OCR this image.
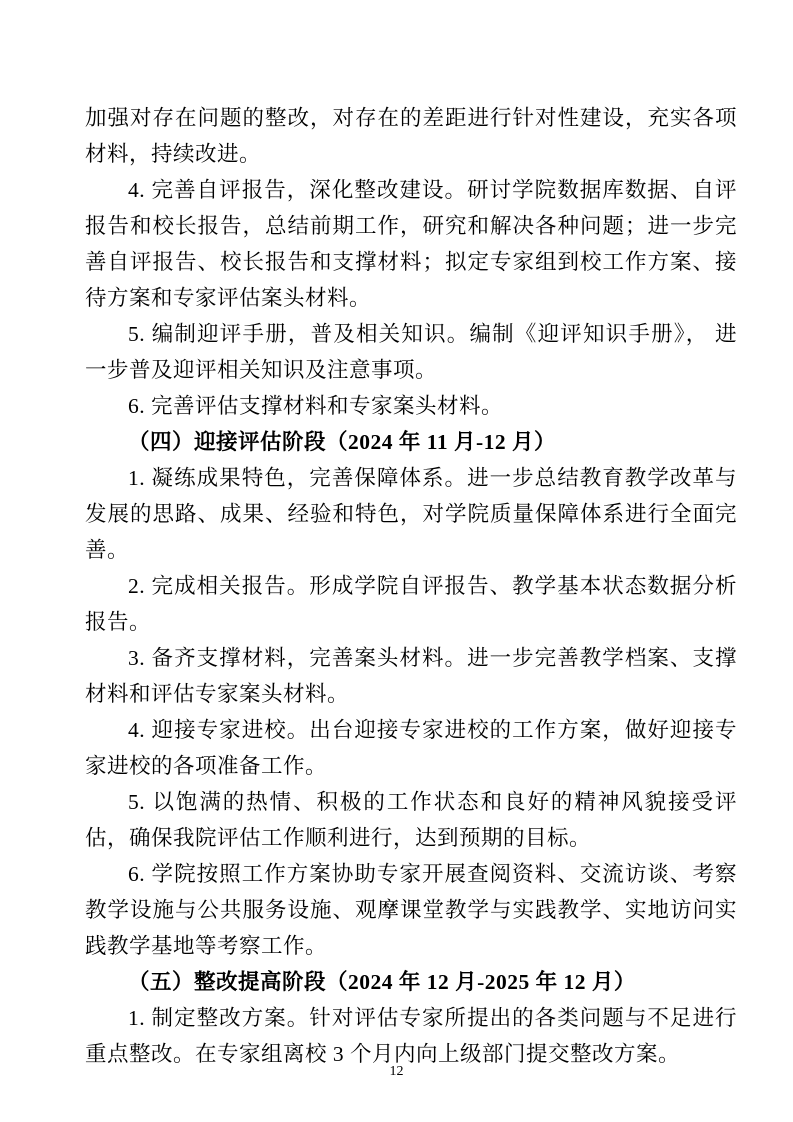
加强对存在问题的整改，对存在的差距进行针对性建设，充实各项材料，持续改进。

4. 完善自评报告，深化整改建设。研讨学院数据库数据、自评报告和校长报告，总结前期工作，研究和解决各种问题；进一步完善自评报告、校长报告和支撑材料；拟定专家组到校工作方案、接待方案和专家评估案头材料。

5. 编制迎评手册，普及相关知识。编制《迎评知识手册》， 进一步普及迎评相关知识及注意事项。

6. 完善评估支撑材料和专家案头材料。

（四）迎接评估阶段（2024 年 11 月-12 月）

1. 凝练成果特色，完善保障体系。进一步总结教育教学改革与发展的思路、成果、经验和特色，对学院质量保障体系进行全面完善。

2. 完成相关报告。形成学院自评报告、教学基本状态数据分析报告。

3. 备齐支撑材料，完善案头材料。进一步完善教学档案、支撑材料和评估专家案头材料。

4. 迎接专家进校。出台迎接专家进校的工作方案，做好迎接专家进校的各项准备工作。

5. 以饱满的热情、积极的工作状态和良好的精神风貌接受评估，确保我院评估工作顺利进行，达到预期的目标。

6. 学院按照工作方案协助专家开展查阅资料、交流访谈、考察教学设施与公共服务设施、观摩课堂教学与实践教学、实地访问实践教学基地等考察工作。

（五）整改提高阶段（2024 年 12 月-2025 年 12 月）

1. 制定整改方案。针对评估专家所提出的各类问题与不足进行 重点整改。在专家组离校 3 个月内向上级部门提交整改方案。

12
